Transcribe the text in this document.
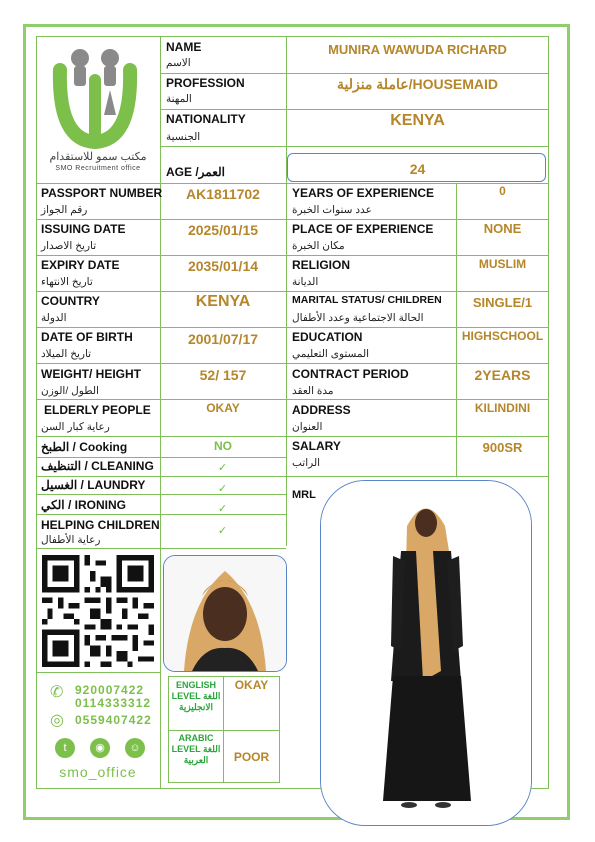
مكتب سمو للاستقدام
SMO Recruitment office
NAME
الاسم
MUNIRA WAWUDA RICHARD
PROFESSION
المهنة
عاملة منزلية/HOUSEMAID
NATIONALITY
الجنسية
KENYA
AGE /العمر	24
PASSPORT NUMBER
رقم الجواز
AK1811702
ISSUING DATE
تاريخ الاصدار
2025/01/15
EXPIRY DATE
تاريخ الانتهاء
2035/01/14
COUNTRY
الدولة
KENYA
DATE OF BIRTH
تاريخ الميلاد
2001/07/17
WEIGHT/ HEIGHT
الطول /الوزن
52/ 157
ELDERLY PEOPLE
رعاية كبار السن
OKAY
الطبخ / Cooking	NO
التنظيف / CLEANING	✓
الغسيل / LAUNDRY	✓
الكي / IRONING	✓
HELPING CHILDREN
رعاية الأطفال
✓
YEARS OF EXPERIENCE
عدد سنوات الخبرة
0
PLACE OF EXPERIENCE
مكان الخبرة
NONE
RELIGION
الديانة
MUSLIM
MARITAL STATUS/ CHILDREN
الحالة الاجتماعية وعدد الأطفال
SINGLE/1
EDUCATION
المستوى التعليمي
HIGHSCHOOL
CONTRACT PERIOD
مدة العقد
2YEARS
ADDRESS
العنوان
KILINDINI
SALARY
الراتب
900SR
MRL
ENGLISH LEVEL اللغة الانجليزية
OKAY
ARABIC LEVEL اللغة العربية	POOR
✆ 920007422
0114333312
◎ 0559407422
t	◉	☺
smo_office
